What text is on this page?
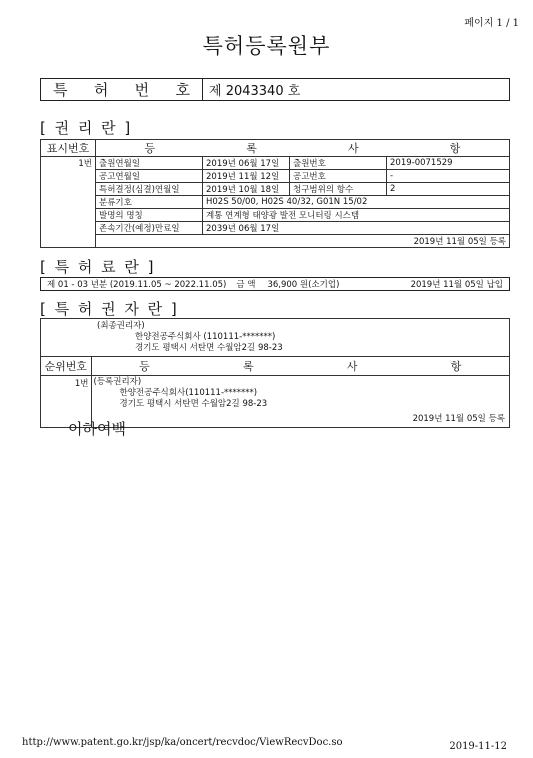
페이지 1 / 1
특허등록원부
특 허 번 호	제 2043340 호
[ 권 리 란 ]
표시번호	등 록 사 항			

1번	출원연월일	2019년 06월 17일	출원번호	2019-0071529
	공고연월일	2019년 11월 12일	공고번호	-
	특허결정(심결)연월일	2019년 10월 18일	청구범위의 항수	2
	분류기호	H02S 50/00, H02S 40/32, G01N 15/02		
	발명의 명칭	계통 연계형 태양광 발전 모니터링 시스템		
	존속기간(예정)만료일	2039년 06월 17일		
	2019년 11월 05일 등록			
[ 특 허 료 란 ]
제 01 - 03 년분 (2019.11.05 ~ 2022.11.05) 금 액 36,900 원(소기업)	2019년 11월 05일 납입
[ 특 허 권 자 란 ]

	(최종권리자)
한양전공주식회사 (110111-*******)
경기도 평택시 서탄면 수월암2길 98-23

순위번호	등 록 사 항

1번	(등록권리자)
한양전공주식회사(110111-*******)
경기도 평택시 서탄면 수월암2길 98-23
2019년 11월 05일 등록
이하여백
http://www.patent.go.kr/jsp/ka/oncert/recvdoc/ViewRecvDoc.so	2019-11-12
